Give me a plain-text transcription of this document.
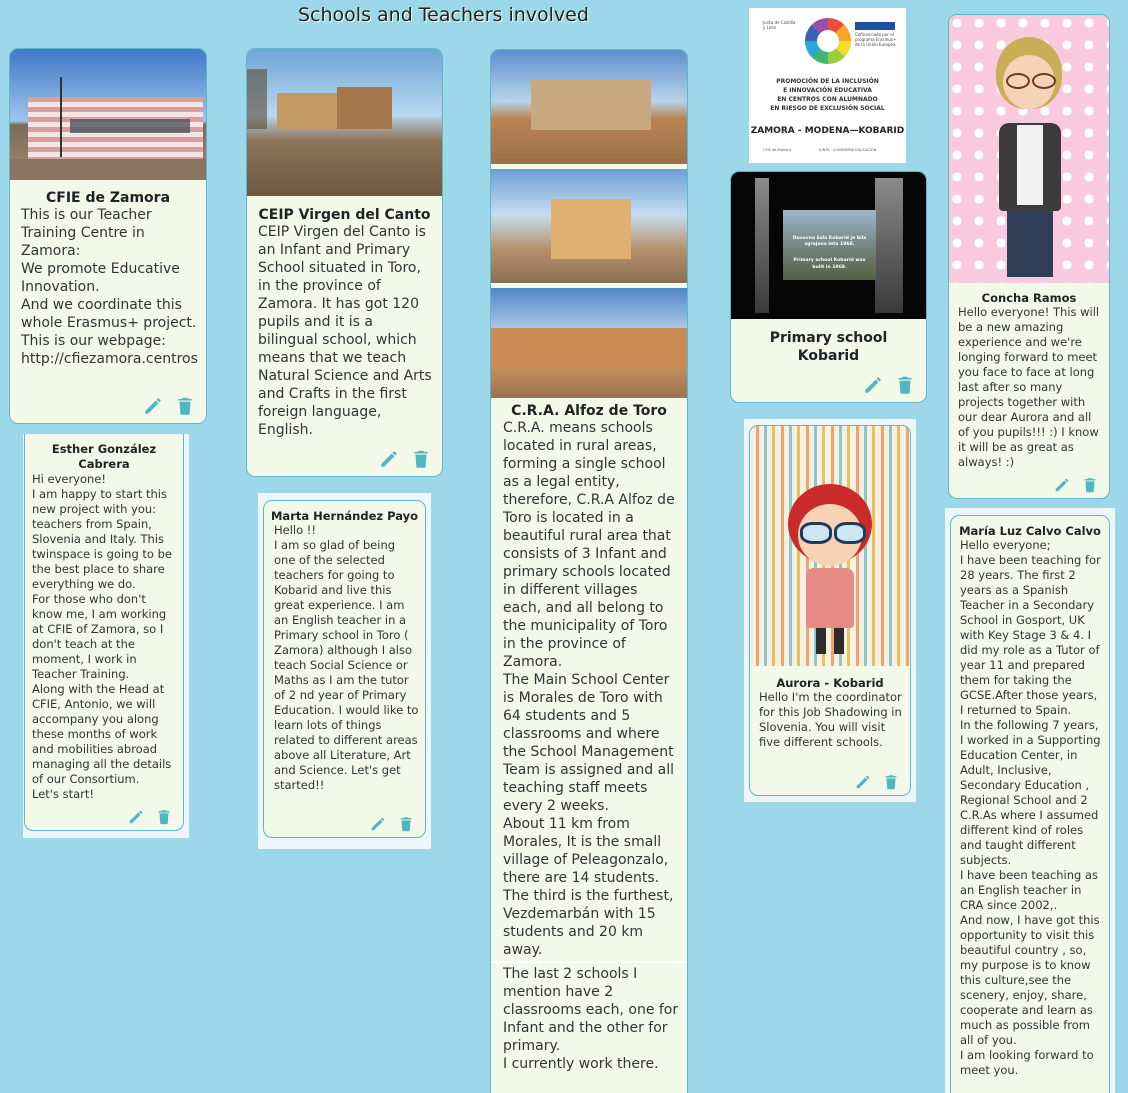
Schools and Teachers involved
CFIE de Zamora
This is our Teacher Training Centre in Zamora:
We promote Educative Innovation.
And we coordinate this whole Erasmus+ project.
This is our webpage:
http://cfiezamora.centros
CEIP Virgen del Canto
CEIP Virgen del Canto is an Infant and Primary School situated in Toro, in the province of Zamora. It has got 120 pupils and it is a bilingual school, which means that we teach Natural Science and Arts and Crafts in the first foreign language, English.
C.R.A. Alfoz de Toro
C.R.A. means schools located in rural areas, forming a single school as a legal entity, therefore, C.R.A Alfoz de Toro is located in a beautiful rural area that consists of 3 Infant and primary schools located in different villages each, and all belong to the municipality of Toro in the province of Zamora.
The Main School Center is Morales de Toro with 64 students and 5 classrooms and where the School Management Team is assigned and all teaching staff meets every 2 weeks.
About 11 km from Morales, It is the small village of Peleagonzalo, there are 14 students.
The third is the furthest, Vezdemarbán with 15 students and 20 km away.
The last 2 schools I mention have 2 classrooms each, one for Infant and the other for primary.
I currently work there.
Junta de Castilla y León
Cofinanciado por el programa Erasmus+ de la Unión Europea
PROMOCIÓN DE LA INCLUSIÓN
E INNOVACIÓN EDUCATIVA
EN CENTROS CON ALUMNADO
EN RIESGO DE EXCLUSIÓN SOCIAL
ZAMORA - MODENA—KOBARID
CFIE de Zamora	JUNTA · CONSEJERÍA EDUCACIÓN
Osnovna šola Kobarid je bila
zgrajena leta 1968.
Primary school Kobarid was
built in 1968.
Primary school Kobarid
Concha Ramos
Hello everyone! This will be a new amazing experience and we're longing forward to meet you face to face at long last after so many projects together with our dear Aurora and all of you pupils!!! :) I know it will be as great as always! :)
Esther González Cabrera
Hi everyone!
I am happy to start this new project with you: teachers from Spain, Slovenia and Italy. This twinspace is going to be the best place to share everything we do.
For those who don't know me, I am working at CFIE of Zamora, so I don't teach at the moment, I work in Teacher Training.
Along with the Head at CFIE, Antonio, we will accompany you along these months of work and mobilities abroad managing all the details of our Consortium.
Let's start!
Marta Hernández Payo
Hello !!
I am so glad of being one of the selected teachers for going to Kobarid and live this great experience. I am an English teacher in a Primary school in Toro ( Zamora) although I also teach Social Science or Maths as I am the tutor of 2 nd year of Primary Education. I would like to learn lots of things related to different areas above all Literature, Art and Science. Let's get started!!
Aurora - Kobarid
Hello I'm the coordinator for this Job Shadowing in Slovenia. You will visit five different schools.
María Luz Calvo Calvo
Hello everyone;
I have been teaching for 28 years. The first 2 years as a Spanish Teacher in a Secondary School in Gosport, UK with Key Stage 3 & 4. I did my role as a Tutor of year 11 and prepared them for taking the GCSE.After those years, I returned to Spain.
In the following 7 years, I worked in a Supporting Education Center, in Adult, Inclusive, Secondary Education , Regional School and 2 C.R.As where I assumed different kind of roles and taught different subjects.
I have been teaching as an English teacher in CRA since 2002,.
And now, I have got this opportunity to visit this beautiful country , so, my purpose is to know this culture,see the scenery, enjoy, share, cooperate and learn as much as possible from all of you.
I am looking forward to meet you.
